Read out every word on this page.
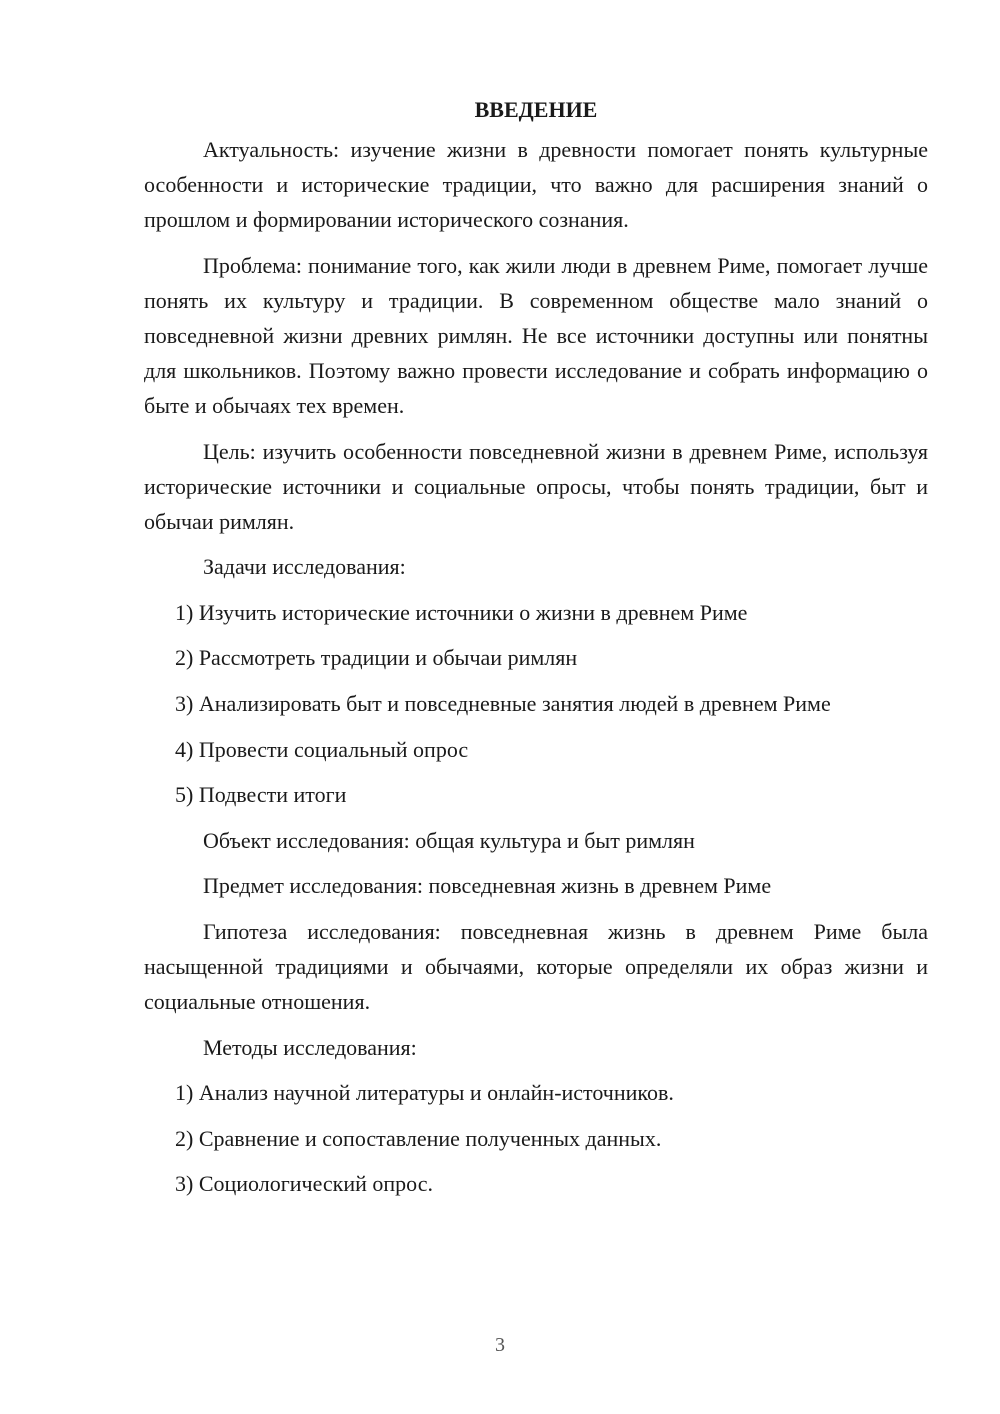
ВВЕДЕНИЕ

Актуальность: изучение жизни в древности помогает понять культурные особенности и исторические традиции, что важно для расширения знаний о прошлом и формировании исторического сознания.

Проблема: понимание того, как жили люди в древнем Риме, помогает лучше понять их культуру и традиции. В современном обществе мало знаний о повседневной жизни древних римлян. Не все источники доступны или понятны для школьников. Поэтому важно провести исследование и собрать информацию о быте и обычаях тех времен.

Цель: изучить особенности повседневной жизни в древнем Риме, используя исторические источники и социальные опросы, чтобы понять традиции, быт и обычаи римлян.

Задачи исследования:
1) Изучить исторические источники о жизни в древнем Риме
2) Рассмотреть традиции и обычаи римлян
3) Анализировать быт и повседневные занятия людей в древнем Риме
4) Провести социальный опрос
5) Подвести итоги
Объект исследования: общая культура и быт римлян
Предмет исследования: повседневная жизнь в древнем Риме

Гипотеза исследования: повседневная жизнь в древнем Риме была насыщенной традициями и обычаями, которые определяли их образ жизни и социальные отношения.

Методы исследования:
1) Анализ научной литературы и онлайн-источников.
2) Сравнение и сопоставление полученных данных.
3) Социологический опрос.
3
